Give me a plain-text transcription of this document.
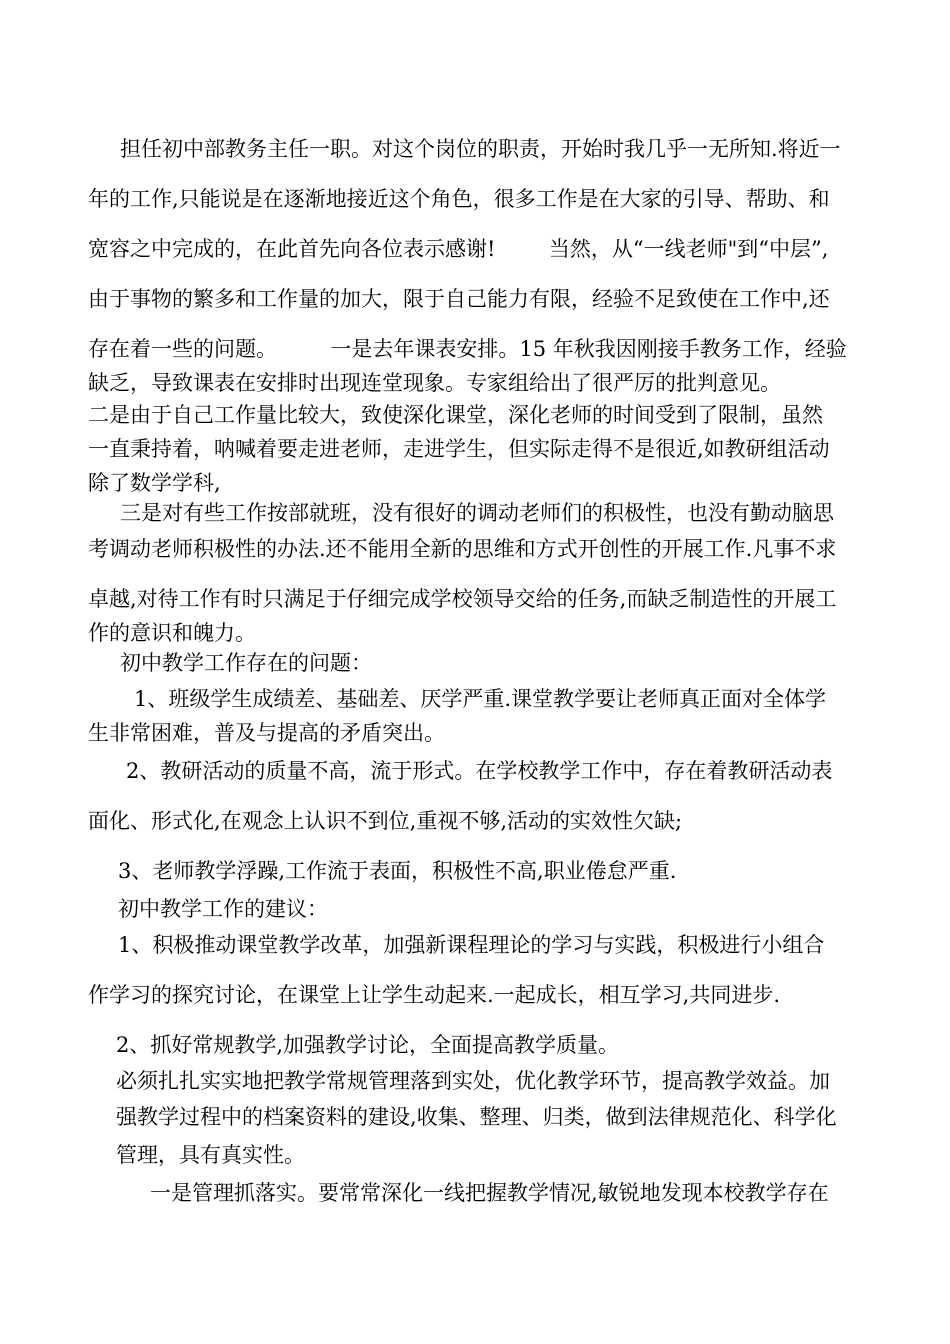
担任初中部教务主任一职。对这个岗位的职责，开始时我几乎一无所知.将近一
年的工作,只能说是在逐渐地接近这个角色，很多工作是在大家的引导、帮助、和
宽容之中完成的，在此首先向各位表示感谢!        当然，从“一线老师"到“中层”,
由于事物的繁多和工作量的加大，限于自己能力有限，经验不足致使在工作中,还
存在着一些的问题。        一是去年课表安排。15 年秋我因刚接手教务工作，经验
缺乏，导致课表在安排时出现连堂现象。专家组给出了很严厉的批判意见。
二是由于自己工作量比较大，致使深化课堂，深化老师的时间受到了限制，虽然
一直秉持着，呐喊着要走进老师，走进学生，但实际走得不是很近,如教研组活动
除了数学学科,
三是对有些工作按部就班，没有很好的调动老师们的积极性，也没有勤动脑思
考调动老师积极性的办法.还不能用全新的思维和方式开创性的开展工作.凡事不求
卓越,对待工作有时只满足于仔细完成学校领导交给的任务,而缺乏制造性的开展工
作的意识和魄力。
初中教学工作存在的问题：
1、班级学生成绩差、基础差、厌学严重.课堂教学要让老师真正面对全体学
生非常困难，普及与提高的矛盾突出。
2、教研活动的质量不高，流于形式。在学校教学工作中，存在着教研活动表
面化、形式化,在观念上认识不到位,重视不够,活动的实效性欠缺;
3、老师教学浮躁,工作流于表面，积极性不高,职业倦怠严重.
初中教学工作的建议：
1、积极推动课堂教学改革，加强新课程理论的学习与实践，积极进行小组合
作学习的探究讨论，在课堂上让学生动起来.一起成长，相互学习,共同进步.
2、抓好常规教学,加强教学讨论，全面提高教学质量。
必须扎扎实实地把教学常规管理落到实处，优化教学环节，提高教学效益。加
强教学过程中的档案资料的建设,收集、整理、归类，做到法律规范化、科学化
管理，具有真实性。
一是管理抓落实。要常常深化一线把握教学情况,敏锐地发现本校教学存在
